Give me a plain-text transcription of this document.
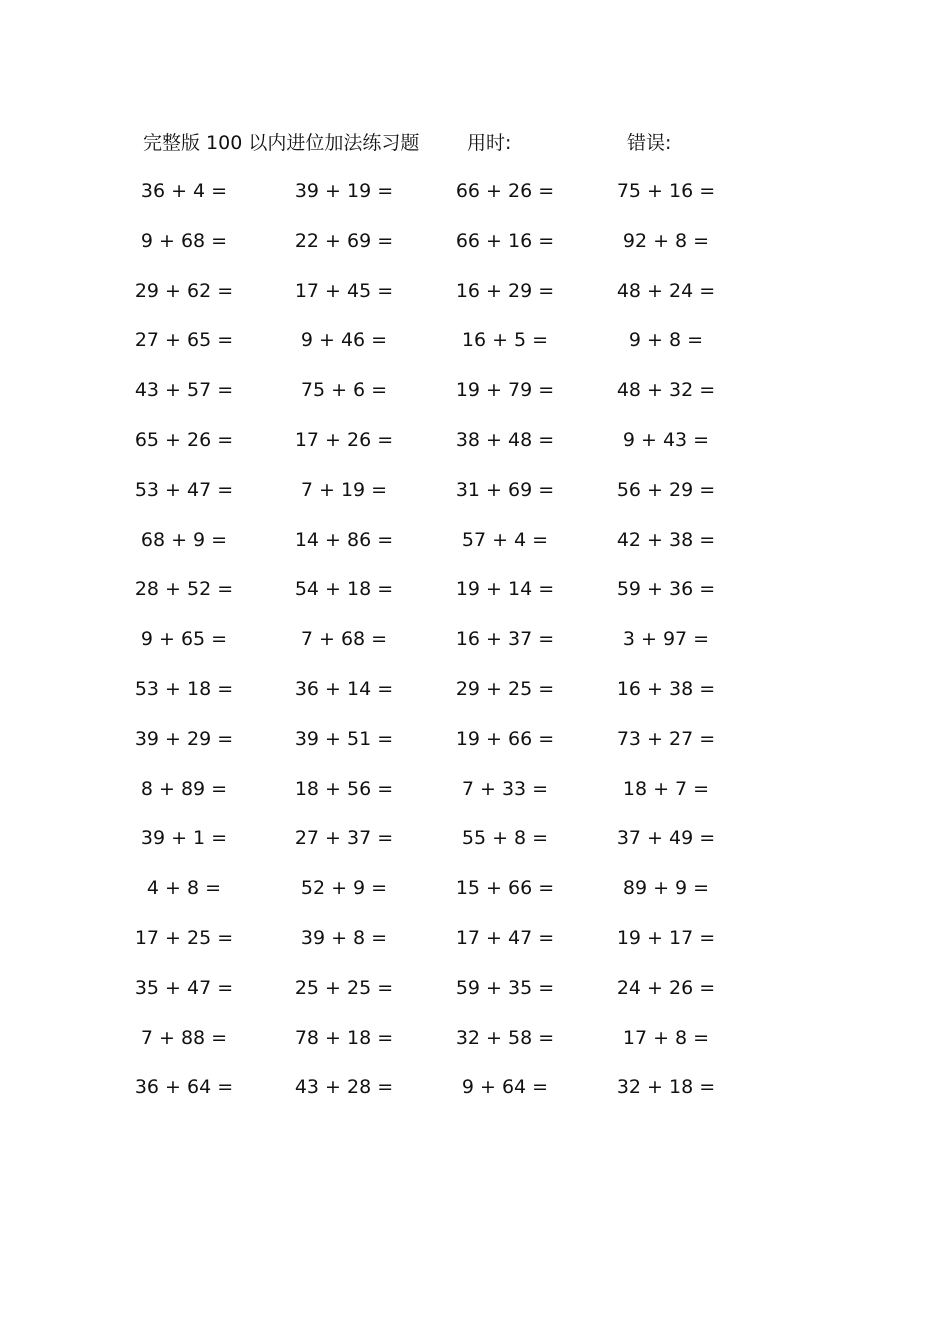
完整版 100 以内进位加法练习题	用时:	错误:
36 + 4 =	39 + 19 =	66 + 26 =	75 + 16 =
9 + 68 =	22 + 69 =	66 + 16 =	92 + 8 =
29 + 62 =	17 + 45 =	16 + 29 =	48 + 24 =
27 + 65 =	9 + 46 =	16 + 5 =	9 + 8 =
43 + 57 =	75 + 6 =	19 + 79 =	48 + 32 =
65 + 26 =	17 + 26 =	38 + 48 =	9 + 43 =
53 + 47 =	7 + 19 =	31 + 69 =	56 + 29 =
68 + 9 =	14 + 86 =	57 + 4 =	42 + 38 =
28 + 52 =	54 + 18 =	19 + 14 =	59 + 36 =
9 + 65 =	7 + 68 =	16 + 37 =	3 + 97 =
53 + 18 =	36 + 14 =	29 + 25 =	16 + 38 =
39 + 29 =	39 + 51 =	19 + 66 =	73 + 27 =
8 + 89 =	18 + 56 =	7 + 33 =	18 + 7 =
39 + 1 =	27 + 37 =	55 + 8 =	37 + 49 =
4 + 8 =	52 + 9 =	15 + 66 =	89 + 9 =
17 + 25 =	39 + 8 =	17 + 47 =	19 + 17 =
35 + 47 =	25 + 25 =	59 + 35 =	24 + 26 =
7 + 88 =	78 + 18 =	32 + 58 =	17 + 8 =
36 + 64 =	43 + 28 =	9 + 64 =	32 + 18 =
